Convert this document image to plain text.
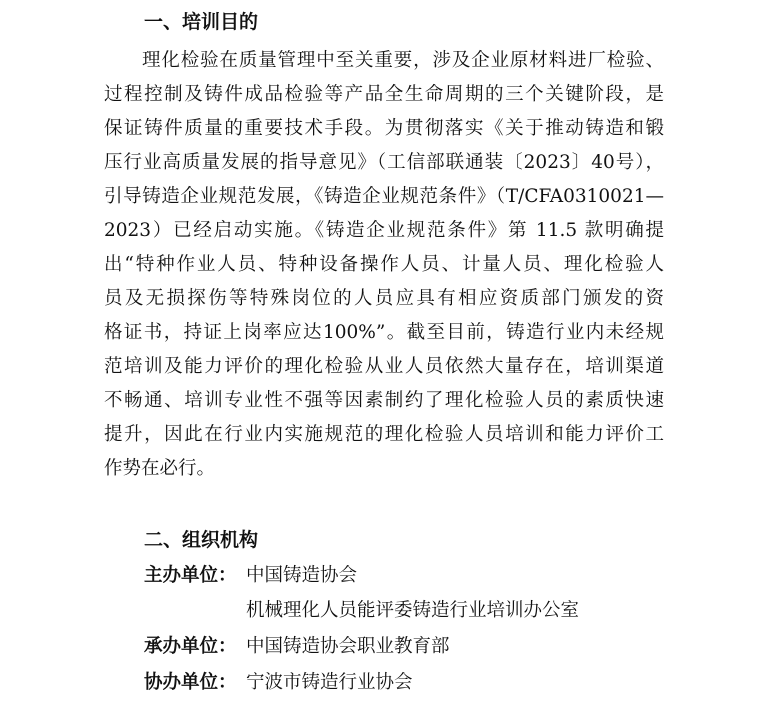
一、培训目的
理化检验在质量管理中至关重要，涉及企业原材料进厂检验、
过程控制及铸件成品检验等产品全生命周期的三个关键阶段，是
保证铸件质量的重要技术手段。为贯彻落实《关于推动铸造和锻
压行业高质量发展的指导意见》（工信部联通装〔2023〕40号），
引导铸造企业规范发展，《铸造企业规范条件》（T/CFA0310021—
2023）已经启动实施。《铸造企业规范条件》第 11.5 款明确提
出“特种作业人员、特种设备操作人员、计量人员、理化检验人
员及无损探伤等特殊岗位的人员应具有相应资质部门颁发的资
格证书，持证上岗率应达100%”。截至目前，铸造行业内未经规
范培训及能力评价的理化检验从业人员依然大量存在，培训渠道
不畅通、培训专业性不强等因素制约了理化检验人员的素质快速
提升，因此在行业内实施规范的理化检验人员培训和能力评价工
作势在必行。
二、组织机构
主办单位： 中国铸造协会
机械理化人员能评委铸造行业培训办公室
承办单位： 中国铸造协会职业教育部
协办单位： 宁波市铸造行业协会
